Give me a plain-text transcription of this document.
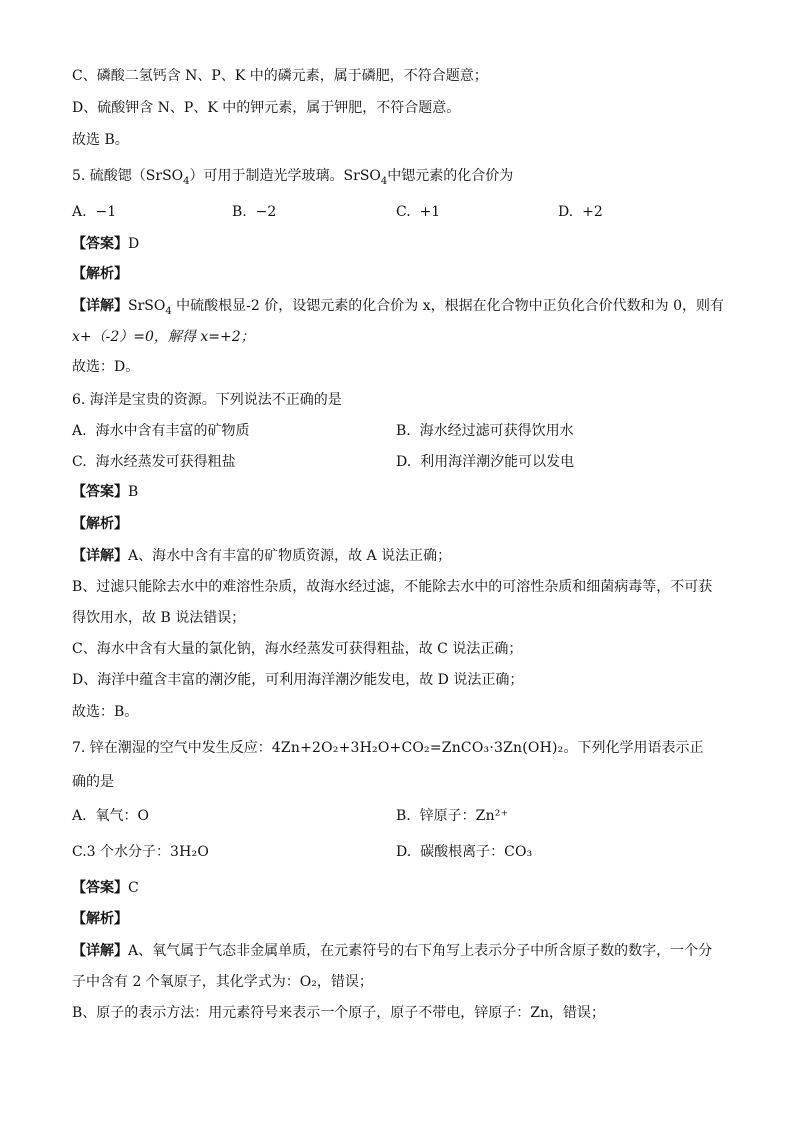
C、磷酸二氢钙含 N、P、K 中的磷元素，属于磷肥，不符合题意；
D、硫酸钾含 N、P、K 中的钾元素，属于钾肥，不符合题意。
故选 B。
5. 硫酸锶（SrSO$_4$）可用于制造光学玻璃。SrSO$_4$中锶元素的化合价为
A. −1	B. −2	C. +1	D. +2
【答案】D
【解析】
【详解】SrSO$_4$ 中硫酸根显-2 价，设锶元素的化合价为 x，根据在化合物中正负化合价代数和为 0，则有
x+（-2）=0，解得 x=+2；
故选：D。
6. 海洋是宝贵的资源。下列说法不正确的是
A. 海水中含有丰富的矿物质	B. 海水经过滤可获得饮用水
C. 海水经蒸发可获得粗盐	D. 利用海洋潮汐能可以发电
【答案】B
【解析】
【详解】A、海水中含有丰富的矿物质资源，故 A 说法正确；
B、过滤只能除去水中的难溶性杂质，故海水经过滤，不能除去水中的可溶性杂质和细菌病毒等，不可获
得饮用水，故 B 说法错误；
C、海水中含有大量的氯化钠，海水经蒸发可获得粗盐，故 C 说法正确；
D、海洋中蕴含丰富的潮汐能，可利用海洋潮汐能发电，故 D 说法正确；
故选：B。
7. 锌在潮湿的空气中发生反应：4Zn+2O₂+3H₂O+CO₂=ZnCO₃·3Zn(OH)₂。下列化学用语表示正
确的是
A. 氧气：O	B. 锌原子：Zn²⁺
C.3 个水分子：3H₂O	D. 碳酸根离子：CO₃
【答案】C
【解析】
【详解】A、氧气属于气态非金属单质，在元素符号的右下角写上表示分子中所含原子数的数字，一个分
子中含有 2 个氧原子，其化学式为：O₂，错误；
B、原子的表示方法：用元素符号来表示一个原子，原子不带电，锌原子：Zn，错误；
